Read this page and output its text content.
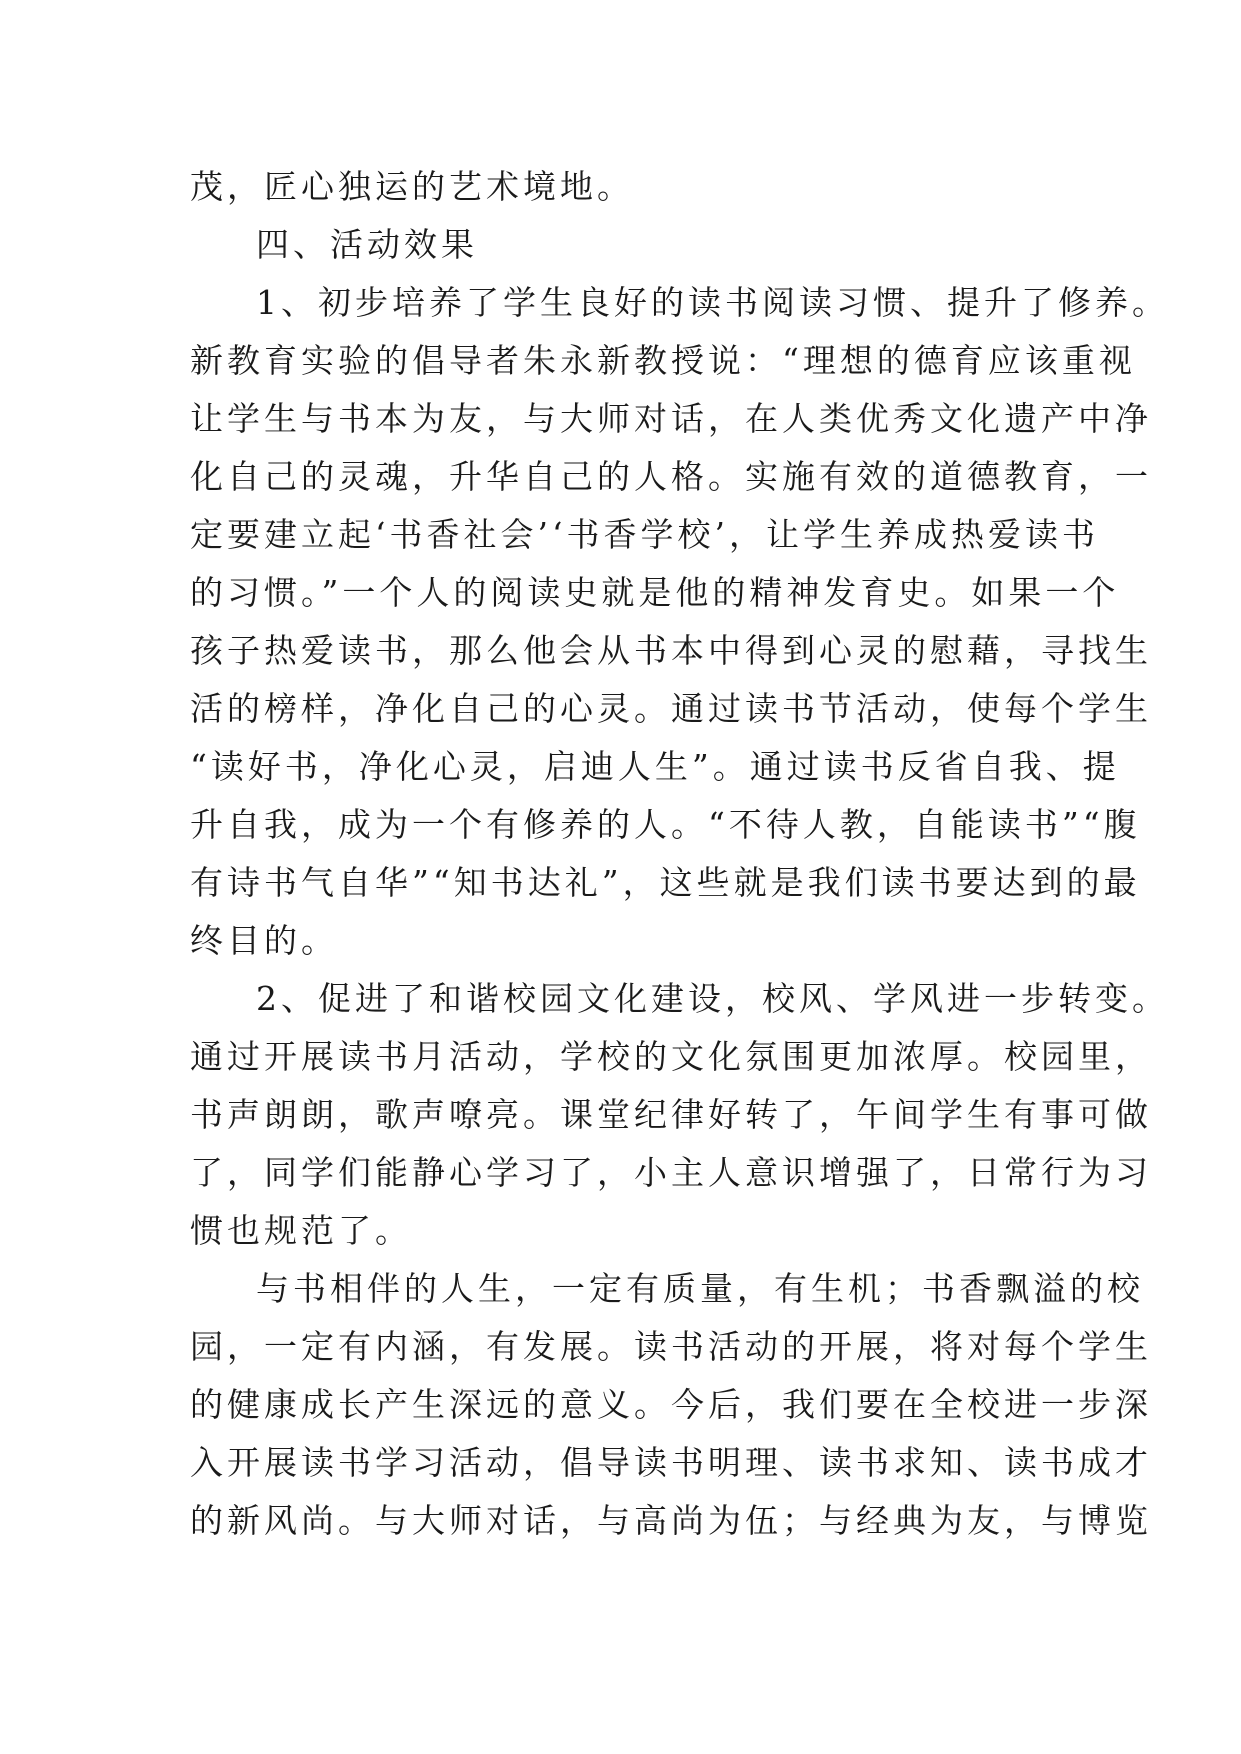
茂，匠心独运的艺术境地。
四、活动效果
1、初步培养了学生良好的读书阅读习惯、提升了修养。
新教育实验的倡导者朱永新教授说：“理想的德育应该重视
让学生与书本为友，与大师对话，在人类优秀文化遗产中净
化自己的灵魂，升华自己的人格。实施有效的道德教育，一
定要建立起‘书香社会’‘书香学校’，让学生养成热爱读书
的习惯。”一个人的阅读史就是他的精神发育史。如果一个
孩子热爱读书，那么他会从书本中得到心灵的慰藉，寻找生
活的榜样，净化自己的心灵。通过读书节活动，使每个学生
“读好书，净化心灵，启迪人生”。通过读书反省自我、提
升自我，成为一个有修养的人。“不待人教，自能读书”“腹
有诗书气自华”“知书达礼”，这些就是我们读书要达到的最
终目的。
2、促进了和谐校园文化建设，校风、学风进一步转变。
通过开展读书月活动，学校的文化氛围更加浓厚。校园里，
书声朗朗，歌声嘹亮。课堂纪律好转了，午间学生有事可做
了，同学们能静心学习了，小主人意识增强了，日常行为习
惯也规范了。
与书相伴的人生，一定有质量，有生机；书香飘溢的校
园，一定有内涵，有发展。读书活动的开展，将对每个学生
的健康成长产生深远的意义。今后，我们要在全校进一步深
入开展读书学习活动，倡导读书明理、读书求知、读书成才
的新风尚。与大师对话，与高尚为伍；与经典为友，与博览
